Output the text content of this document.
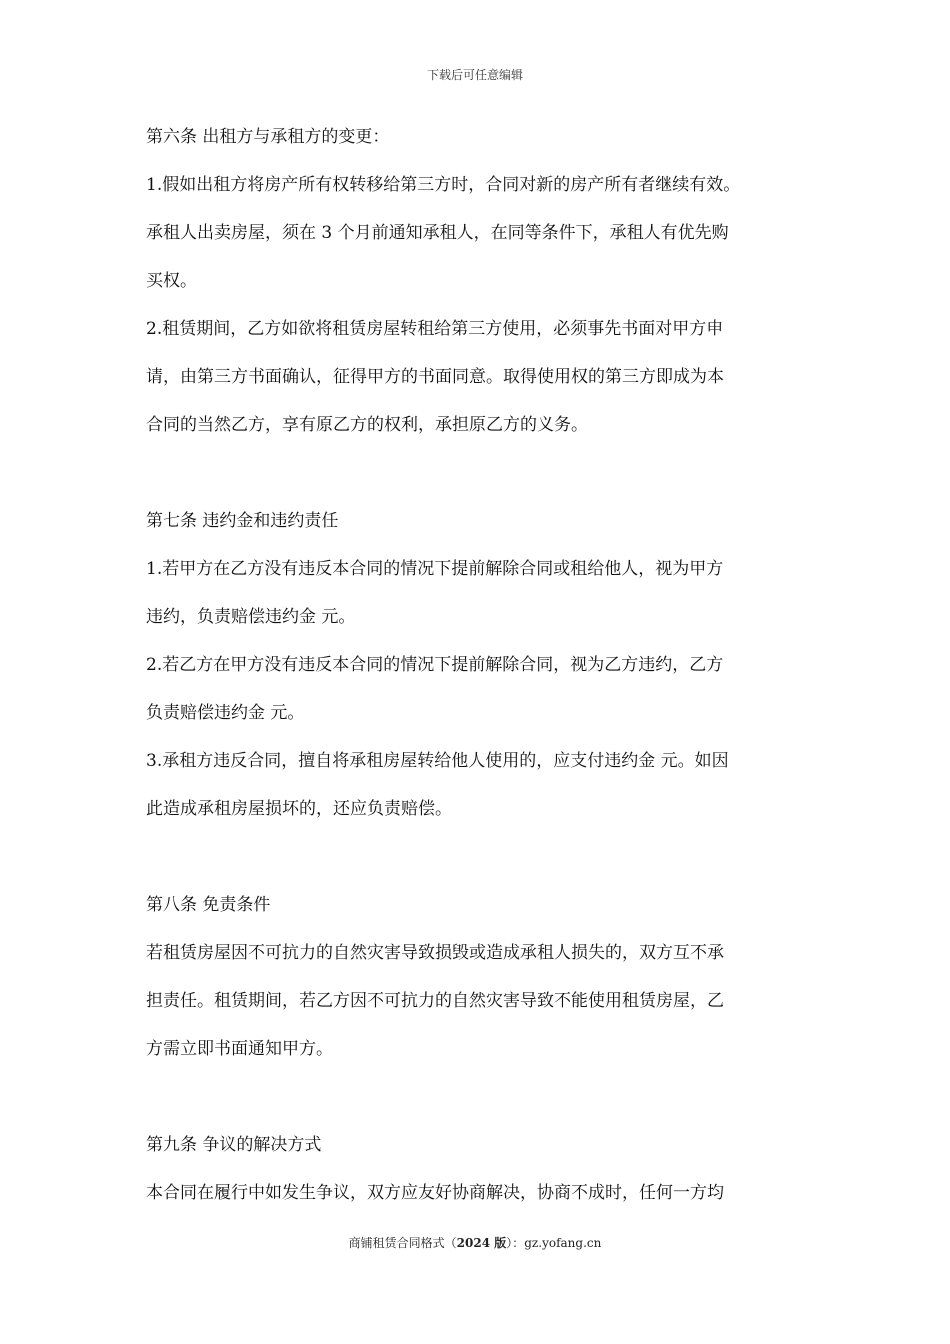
下载后可任意编辑
第六条 出租方与承租方的变更：
1.假如出租方将房产所有权转移给第三方时，合同对新的房产所有者继续有效。
承租人出卖房屋，须在 3 个月前通知承租人，在同等条件下，承租人有优先购
买权。
2.租赁期间，乙方如欲将租赁房屋转租给第三方使用，必须事先书面对甲方申
请，由第三方书面确认，征得甲方的书面同意。取得使用权的第三方即成为本
合同的当然乙方，享有原乙方的权利，承担原乙方的义务。
第七条 违约金和违约责任
1.若甲方在乙方没有违反本合同的情况下提前解除合同或租给他人，视为甲方
违约，负责赔偿违约金 元。
2.若乙方在甲方没有违反本合同的情况下提前解除合同，视为乙方违约，乙方
负责赔偿违约金 元。
3.承租方违反合同，擅自将承租房屋转给他人使用的，应支付违约金 元。如因
此造成承租房屋损坏的，还应负责赔偿。
第八条 免责条件
若租赁房屋因不可抗力的自然灾害导致损毁或造成承租人损失的，双方互不承
担责任。租赁期间，若乙方因不可抗力的自然灾害导致不能使用租赁房屋，乙
方需立即书面通知甲方。
第九条 争议的解决方式
本合同在履行中如发生争议，双方应友好协商解决，协商不成时，任何一方均
商铺租赁合同格式（2024 版）：gz.yofang.cn
